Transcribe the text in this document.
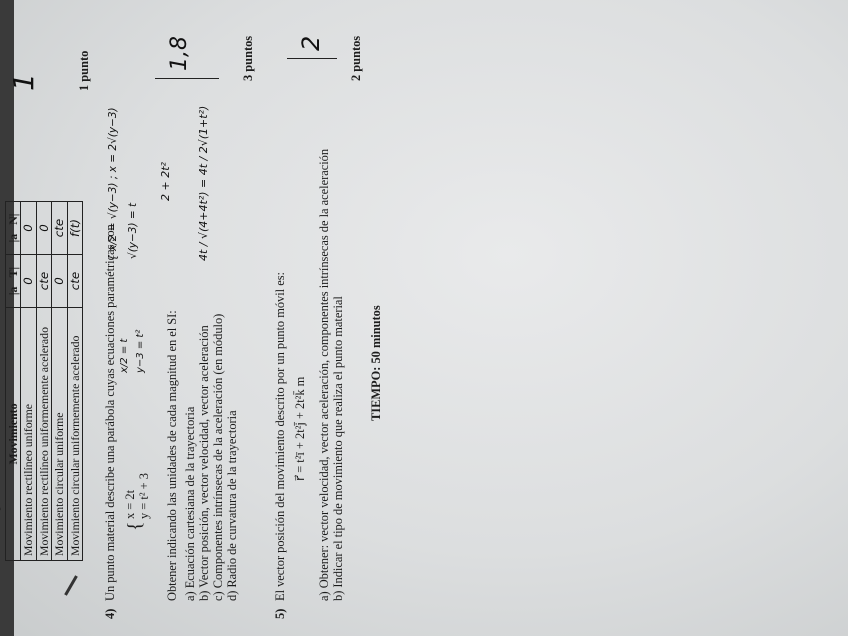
Movimiento	|a⃗T|	|a⃗N|
Movimiento rectilíneo uniforme	0	0
Movimiento rectilíneo uniformemente acelerado	cte	0
Movimiento circular uniforme	0	cte
Movimiento circular uniformemente acelerado	cte	f(t)
1 punto
1
4)
Un punto material describe una parábola cuyas ecuaciones paramétricas son {
x = 2t y = t² + 3
x/2 = t y−3 = t²
{ x/2 = √(y−3) ; x = 2√(y−3) √(y−3) = t
Obtener indicando las unidades de cada magnitud en el SI: a) Ecuación cartesiana de la trayectoria b) Vector posición, vector velocidad, vector aceleración c) Componentes intrínsecas de la aceleración (en módulo) d) Radio de curvatura de la trayectoria
2 + 2t² 4t / √(4+4t²) = 4t / 2√(1+t²)
1,8	3 puntos
5)
El vector posición del movimiento descrito por un punto móvil es: r⃗ = t²ī + 2t²j̄ + 2t²k̄ m a) Obtener: vector velocidad, vector aceleración, componentes intrínsecas de la aceleración b) Indicar el tipo de movimiento que realiza el punto material
2 2 puntos
TIEMPO: 50 minutos
